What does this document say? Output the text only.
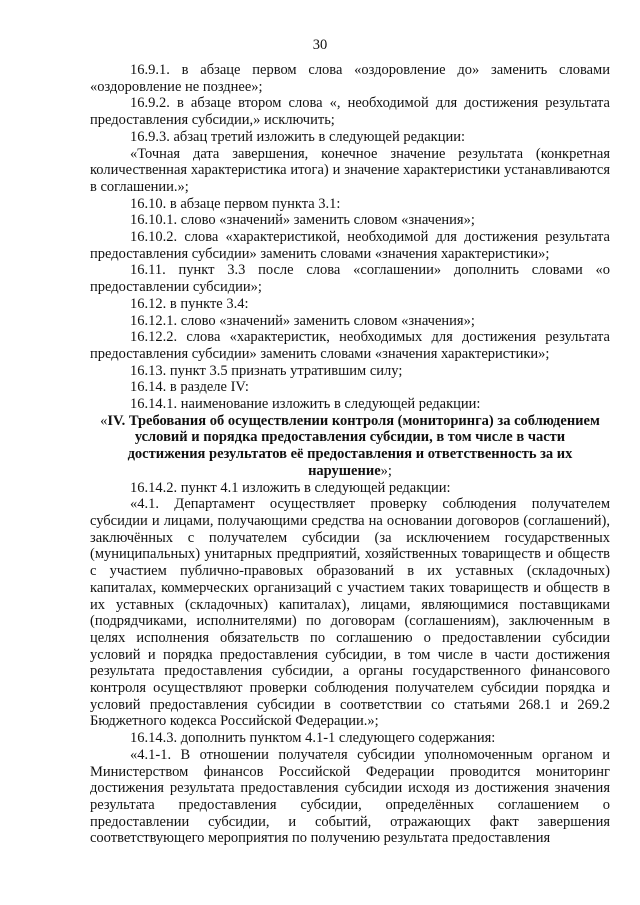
30

16.9.1. в абзаце первом слова «оздоровление до» заменить словами «оздоровление не позднее»;

16.9.2. в абзаце втором слова «, необходимой для достижения результата предоставления субсидии,» исключить;

16.9.3. абзац третий изложить в следующей редакции:

«Точная дата завершения, конечное значение результата (конкретная количественная характеристика итога) и значение характеристики устанавливаются в соглашении.»;

16.10. в абзаце первом пункта 3.1:

16.10.1. слово «значений» заменить словом «значения»;

16.10.2. слова «характеристикой, необходимой для достижения результата предоставления субсидии» заменить словами «значения характеристики»;

16.11. пункт 3.3 после слова «соглашении» дополнить словами «о предоставлении субсидии»;

16.12. в пункте 3.4:

16.12.1. слово «значений» заменить словом «значения»;

16.12.2. слова «характеристик, необходимых для достижения результата предоставления субсидии» заменить словами «значения характеристики»;

16.13. пункт 3.5 признать утратившим силу;

16.14. в разделе IV:

16.14.1. наименование изложить в следующей редакции:

«IV. Требования об осуществлении контроля (мониторинга) за соблюдением условий и порядка предоставления субсидии, в том числе в части достижения результатов её предоставления и ответственность за их нарушение»;

16.14.2. пункт 4.1 изложить в следующей редакции:

«4.1. Департамент осуществляет проверку соблюдения получателем субсидии и лицами, получающими средства на основании договоров (соглашений), заключённых с получателем субсидии (за исключением государственных (муниципальных) унитарных предприятий, хозяйственных товариществ и обществ с участием публично-правовых образований в их уставных (складочных) капиталах, коммерческих организаций с участием таких товариществ и обществ в их уставных (складочных) капиталах), лицами, являющимися поставщиками (подрядчиками, исполнителями) по договорам (соглашениям), заключенным в целях исполнения обязательств по соглашению о предоставлении субсидии условий и порядка предоставления субсидии, в том числе в части достижения результата предоставления субсидии, а органы государственного финансового контроля осуществляют проверки соблюдения получателем субсидии порядка и условий предоставления субсидии в соответствии со статьями 268.1 и 269.2 Бюджетного кодекса Российской Федерации.»;

16.14.3. дополнить пунктом 4.1-1 следующего содержания:

«4.1-1. В отношении получателя субсидии уполномоченным органом и Министерством финансов Российской Федерации проводится мониторинг достижения результата предоставления субсидии исходя из достижения значения результата предоставления субсидии, определённых соглашением о предоставлении субсидии, и событий, отражающих факт завершения соответствующего мероприятия по получению результата предоставления
